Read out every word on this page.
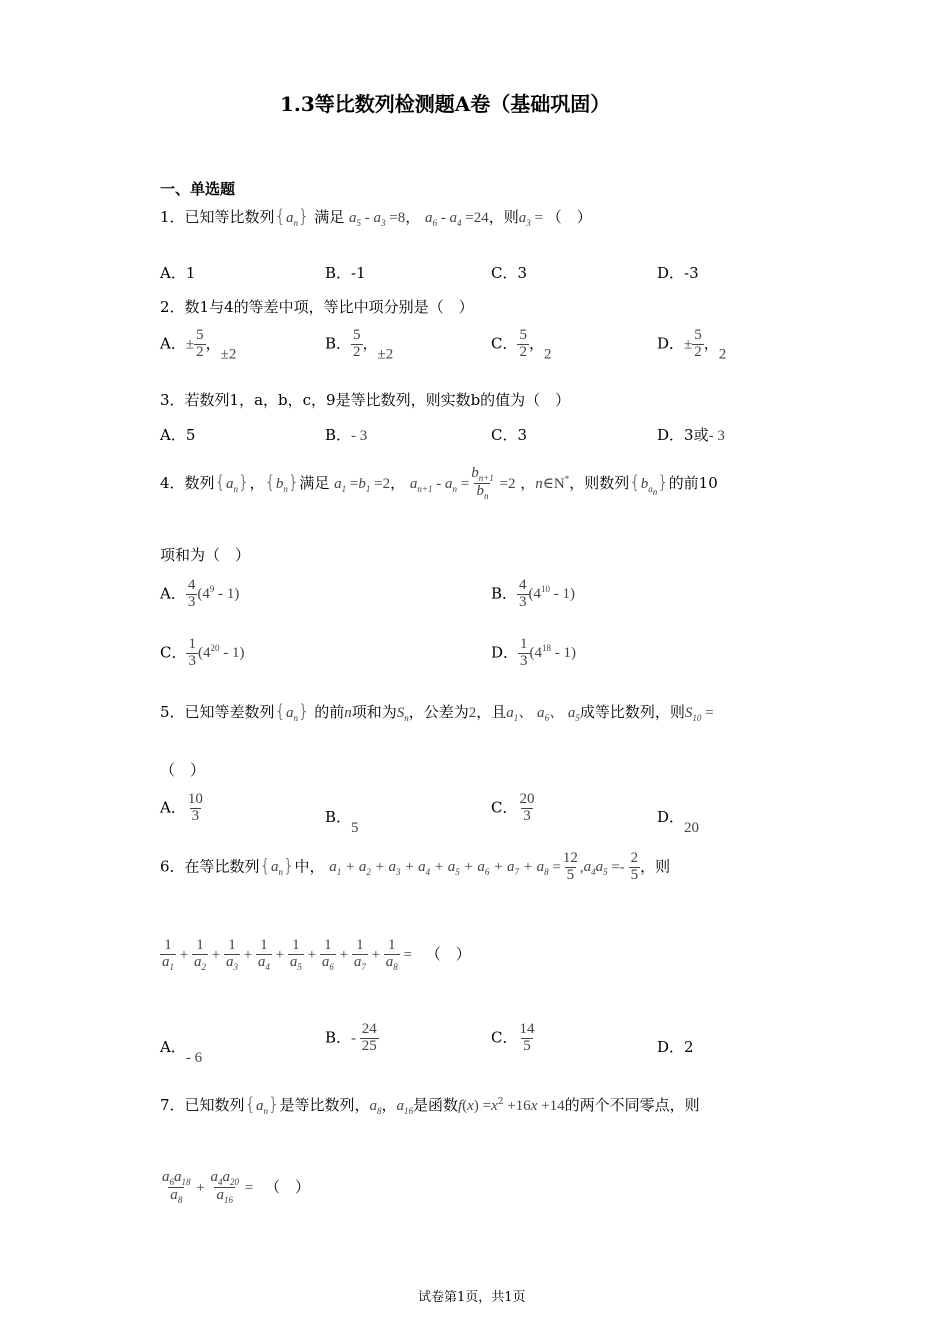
1.3等比数列检测题A卷（基础巩固）
一、单选题
1．已知等比数列$\{a_n\}$ 满足 $a_5 - a_3 =8$， $a_6 - a_4 =24$，则$a_3$ = （　）
A．1	B．-1	C．3	D．-3
2．数1与4的等差中项，等比中项分别是（　）
A．± $\frac{5}{2}$ ，±2
B． $\frac{5}{2}$ ，±2
C． $\frac{5}{2}$ ，2
D．± $\frac{5}{2}$ ，2
3．若数列1，a，b，c，9是等比数列，则实数b的值为（　）
A．5	B．- 3	C．3	D．3或- 3
4．数列$\{a_n\}$，$\{b_n\}$满足 $a_1 =b_1 =2$， $a_{n+1} - a_n = \frac{b_{n+1}}{b_n} =2$ ，n∈N*，则数列$\{b_{a_n}\}$的前10
项和为（　）
A． $\frac{4}{3} (4^9 - 1)$	B． $\frac{4}{3} (4^{10} - 1)$
C． $\frac{1}{3} (4^{20} - 1)$	D． $\frac{1}{3} (4^{18} - 1)$
5．已知等差数列$\{a_n\}$ 的前n项和为$S_n$，公差为2，且$a_1$、 $a_6$、 $a_5$成等比数列，则$S_{10}$ =
（　）
A． $\frac{10}{3}$	B．5
C． $\frac{20}{3}$	D．20
6．在等比数列$\{a_n\}$中， $a_1 + a_2 + a_3 + a_4 + a_5 + a_6 + a_7 + a_8 = \frac{12}{5} ,a_4a_5 =- \frac{2}{5}$ ，则
$\frac{1}{a_1} + \frac{1}{a_2} + \frac{1}{a_3} + \frac{1}{a_4} + \frac{1}{a_5} + \frac{1}{a_6} + \frac{1}{a_7} + \frac{1}{a_8}$ = （　）
A．- 6
B．- $\frac{24}{25}$	C． $\frac{14}{5}$	D．2
7．已知数列$\{a_n\}$是等比数列，$a_8$，$a_{16}$是函数$f(x) =x^2 +16x +14$的两个不同零点，则
$\frac{a_6a_{18}}{a_8} + \frac{a_4a_{20}}{a_{16}}$ = （　）
试卷第1页，共1页
